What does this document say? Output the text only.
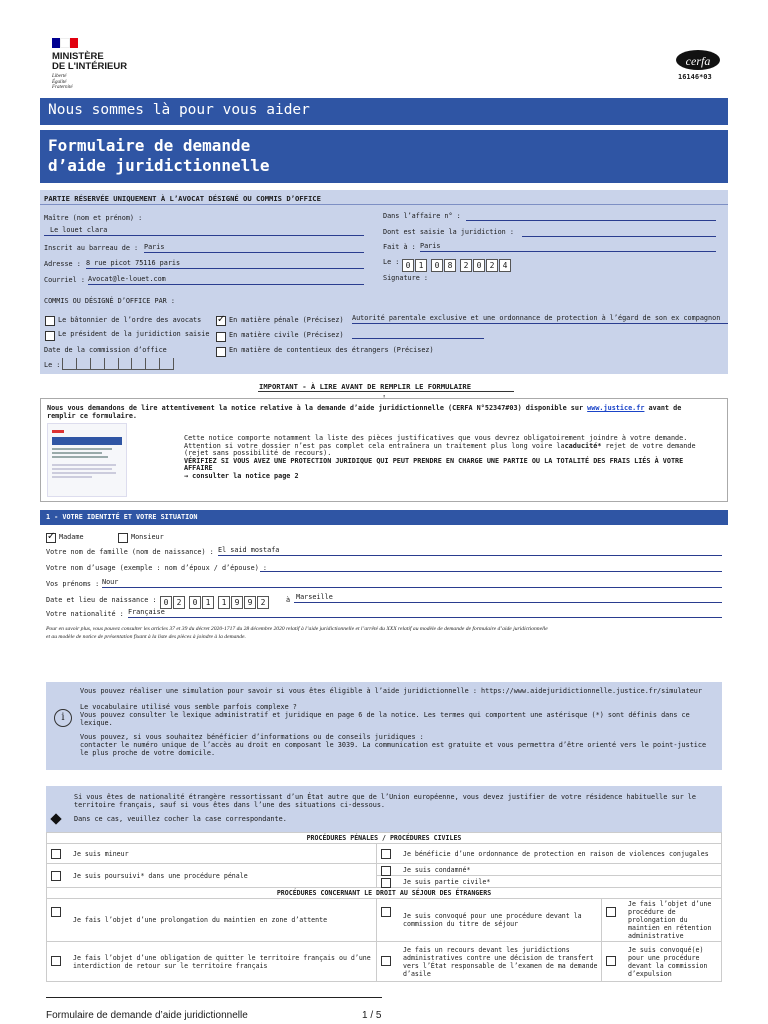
MINISTÈRE
DE L'INTÉRIEUR
Liberté
Égalité
Fraternité
cerfa
16146*03
Nous sommes là pour vous aider
Formulaire de demande
d’aide juridictionnelle
PARTIE RÉSERVÉE UNIQUEMENT À L’AVOCAT DÉSIGNÉ OU COMMIS D’OFFICE
Maître (nom et prénom) :
Le louet clara
Inscrit au barreau de : Paris
Adresse : 8 rue picot 75116 paris
Courriel : Avocat@le-louet.com
Dans l’affaire n° :
Dont est saisie la juridiction :
Fait à : Paris
Le : 0 1 0 8 2 0 2 4
Signature :
COMMIS OU DÉSIGNÉ D’OFFICE PAR :
Le bâtonnier de l’ordre des avocats
Le président de la juridiction saisie
Date de la commission d’office
Le :
✓
En matière pénale (Précisez) Autorité parentale exclusive et une ordonnance de protection à l’égard de son ex compagnon
En matière civile (Précisez)
En matière de contentieux des étrangers (Précisez)
IMPORTANT - À LIRE AVANT DE REMPLIR LE FORMULAIRE
:
Nous vous demandons de lire attentivement la notice relative à la demande d’aide juridictionnelle (CERFA N°52347#03) disponible sur www.justice.fr avant de
remplir ce formulaire.
Cette notice comporte notamment la liste des pièces justificatives que vous devrez obligatoirement joindre à votre demande.
Attention si votre dossier n’est pas complet cela entraînera un traitement plus long voire lacaducité* rejet de votre demande
(rejet sans possibilité de recours).
VÉRIFIEZ SI VOUS AVEZ UNE PROTECTION JURIDIQUE QUI PEUT PRENDRE EN CHARGE UNE PARTIE OU LA TOTALITÉ DES FRAIS LIÉS À VOTRE
AFFAIRE
→ consulter la notice page 2
1 - VOTRE IDENTITÉ ET VOTRE SITUATION
✓
Madame	Monsieur
Votre nom de famille (nom de naissance) : El said mostafa
Votre nom d’usage (exemple : nom d’époux / d’épouse) :
Vos prénoms : Nour
Date et lieu de naissance : 0 2 0 1 1 9 9 2	à Marseille
Votre nationalité : Française
Pour en savoir plus, vous pouvez consulter les articles 37 et 39 du décret 2020-1717 du 28 décembre 2020 relatif à l’aide juridictionnelle et l’arrêté du XXX relatif au modèle de demande de formulaire d’aide juridictionnelle
et au modèle de notice de présentation fixant à la liste des pièces à joindre à la demande.
i
Vous pouvez réaliser une simulation pour savoir si vous êtes éligible à l’aide juridictionnelle : https://www.aidejuridictionnelle.justice.fr/simulateur
Le vocabulaire utilisé vous semble parfois complexe ?
Vous pouvez consulter le lexique administratif et juridique en page 6 de la notice. Les termes qui comportent une astérisque (*) sont définis dans ce
lexique.
Vous pouvez, si vous souhaitez bénéficier d’informations ou de conseils juridiques :
contacter le numéro unique de l’accès au droit en composant le 3039. La communication est gratuite et vous permettra d’être orienté vers le point-justice
le plus proche de votre domicile.
Si vous êtes de nationalité étrangère ressortissant d’un État autre que de l’Union européenne, vous devez justifier de votre résidence habituelle sur le
territoire français, sauf si vous êtes dans l’une des situations ci-dessous.
Dans ce cas, veuillez cocher la case correspondante.
PROCÉDURES PÉNALES / PROCÉDURES CIVILES		

Je suis mineur	Je bénéficie d’une ordonnance de protection en raison de violences conjugales	

Je suis poursuivi* dans une procédure pénale	Je suis condamné*	

Je suis partie civile*	
PROCÉDURES CONCERNANT LE DROIT AU SÉJOUR DES ÉTRANGERS		

Je fais l’objet d’une prolongation du maintien en zone d’attente	Je suis convoqué pour une procédure devant la commission du titre de séjour	Je fais l’objet d’une procédure de prolongation du maintien en rétention administrative

Je fais l’objet d’une obligation de quitter le territoire français ou d’une interdiction de retour sur le territoire français	Je fais un recours devant les juridictions administratives contre une décision de transfert vers l’État responsable de l’examen de ma demande d’asile	Je suis convoqué(e) pour une procédure devant la commission d’expulsion
Formulaire de demande d’aide juridictionnelle	1 / 5
